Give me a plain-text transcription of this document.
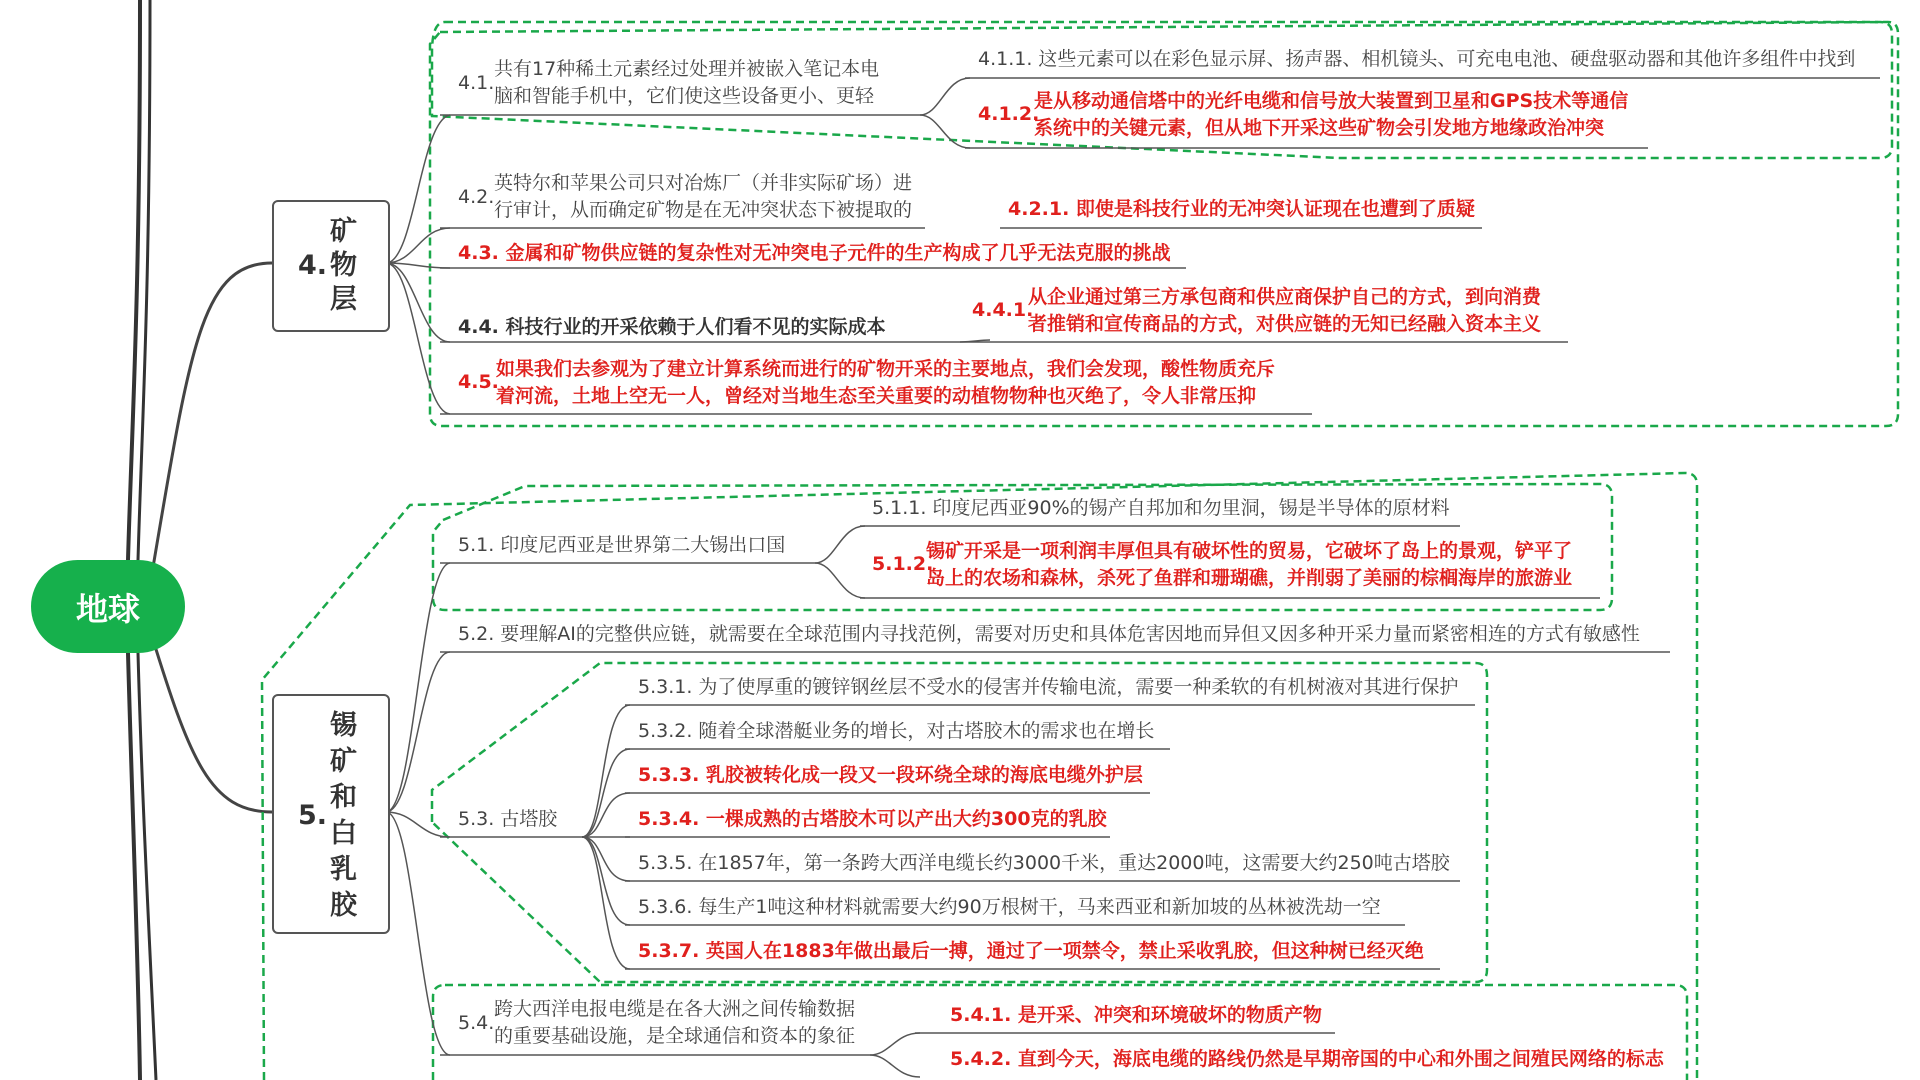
地球
4.
矿
物
层
5.
锡
矿
和
白
乳
胶
4.1.
共有17种稀土元素经过处理并被嵌入笔记本电
脑和智能手机中，它们使这些设备更小、更轻
4.1.1. 这些元素可以在彩色显示屏、扬声器、相机镜头、可充电电池、硬盘驱动器和其他许多组件中找到
4.1.2.
是从移动通信塔中的光纤电缆和信号放大装置到卫星和GPS技术等通信
系统中的关键元素，但从地下开采这些矿物会引发地方地缘政治冲突
4.2.
英特尔和苹果公司只对冶炼厂（并非实际矿场）进
行审计，从而确定矿物是在无冲突状态下被提取的	4.2.1. 即使是科技行业的无冲突认证现在也遭到了质疑
4.3. 金属和矿物供应链的复杂性对无冲突电子元件的生产构成了几乎无法克服的挑战
4.4. 科技行业的开采依赖于人们看不见的实际成本
4.4.1.
从企业通过第三方承包商和供应商保护自己的方式，到向消费
者推销和宣传商品的方式，对供应链的无知已经融入资本主义
4.5.
如果我们去参观为了建立计算系统而进行的矿物开采的主要地点，我们会发现，酸性物质充斥
着河流，土地上空无一人，曾经对当地生态至关重要的动植物物种也灭绝了，令人非常压抑
5.1. 印度尼西亚是世界第二大锡出口国
5.1.1. 印度尼西亚90%的锡产自邦加和勿里洞，锡是半导体的原材料
5.1.2.
锡矿开采是一项利润丰厚但具有破坏性的贸易，它破坏了岛上的景观，铲平了
岛上的农场和森林，杀死了鱼群和珊瑚礁，并削弱了美丽的棕榈海岸的旅游业
5.2. 要理解AI的完整供应链，就需要在全球范围内寻找范例，需要对历史和具体危害因地而异但又因多种开采力量而紧密相连的方式有敏感性
5.3. 古塔胶
5.3.1. 为了使厚重的镀锌钢丝层不受水的侵害并传输电流，需要一种柔软的有机树液对其进行保护
5.3.2. 随着全球潜艇业务的增长，对古塔胶木的需求也在增长
5.3.3. 乳胶被转化成一段又一段环绕全球的海底电缆外护层
5.3.4. 一棵成熟的古塔胶木可以产出大约300克的乳胶
5.3.5. 在1857年，第一条跨大西洋电缆长约3000千米，重达2000吨，这需要大约250吨古塔胶
5.3.6. 每生产1吨这种材料就需要大约90万根树干，马来西亚和新加坡的丛林被洗劫一空
5.3.7. 英国人在1883年做出最后一搏，通过了一项禁令，禁止采收乳胶，但这种树已经灭绝
5.4.
跨大西洋电报电缆是在各大洲之间传输数据
的重要基础设施，是全球通信和资本的象征
5.4.1. 是开采、冲突和环境破坏的物质产物
5.4.2. 直到今天，海底电缆的路线仍然是早期帝国的中心和外围之间殖民网络的标志
